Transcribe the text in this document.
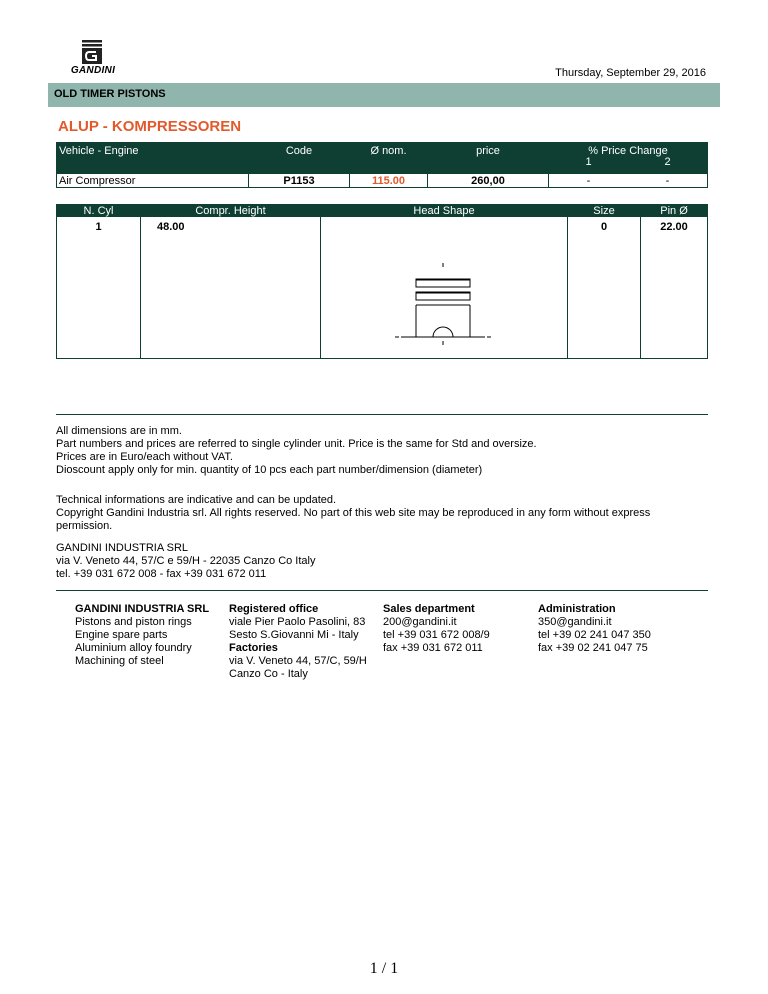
GANDINI	Thursday, September 29, 2016
OLD TIMER PISTONS
ALUP - KOMPRESSOREN
Vehicle - Engine	Code	Ø nom.	price	% Price Change
1 2

Air Compressor	P1153	115.00	260,00	- -
N. Cyl	Compr. Height	Head Shape	Size	Pin Ø
1	48.00		0	22.00
All dimensions are in mm.
Part numbers and prices are referred to single cylinder unit. Price is the same for Std and oversize.
Prices are in Euro/each without VAT.
Dioscount apply only for min. quantity of 10 pcs each part number/dimension (diameter)
Technical informations are indicative and can be updated.
Copyright Gandini Industria srl. All rights reserved. No part of this web site may be reproduced in any form without express
permission.
GANDINI INDUSTRIA SRL
via V. Veneto 44, 57/C e 59/H - 22035 Canzo Co Italy
tel. +39 031 672 008 - fax +39 031 672 011
GANDINI INDUSTRIA SRL
Pistons and piston rings
Engine spare parts
Aluminium alloy foundry
Machining of steel
Registered office
viale Pier Paolo Pasolini, 83
Sesto S.Giovanni Mi - Italy
Factories
via V. Veneto 44, 57/C, 59/H
Canzo Co - Italy
Sales department
200@gandini.it
tel +39 031 672 008/9
fax +39 031 672 011
Administration
350@gandini.it
tel +39 02 241 047 350
fax +39 02 241 047 75
1 / 1
